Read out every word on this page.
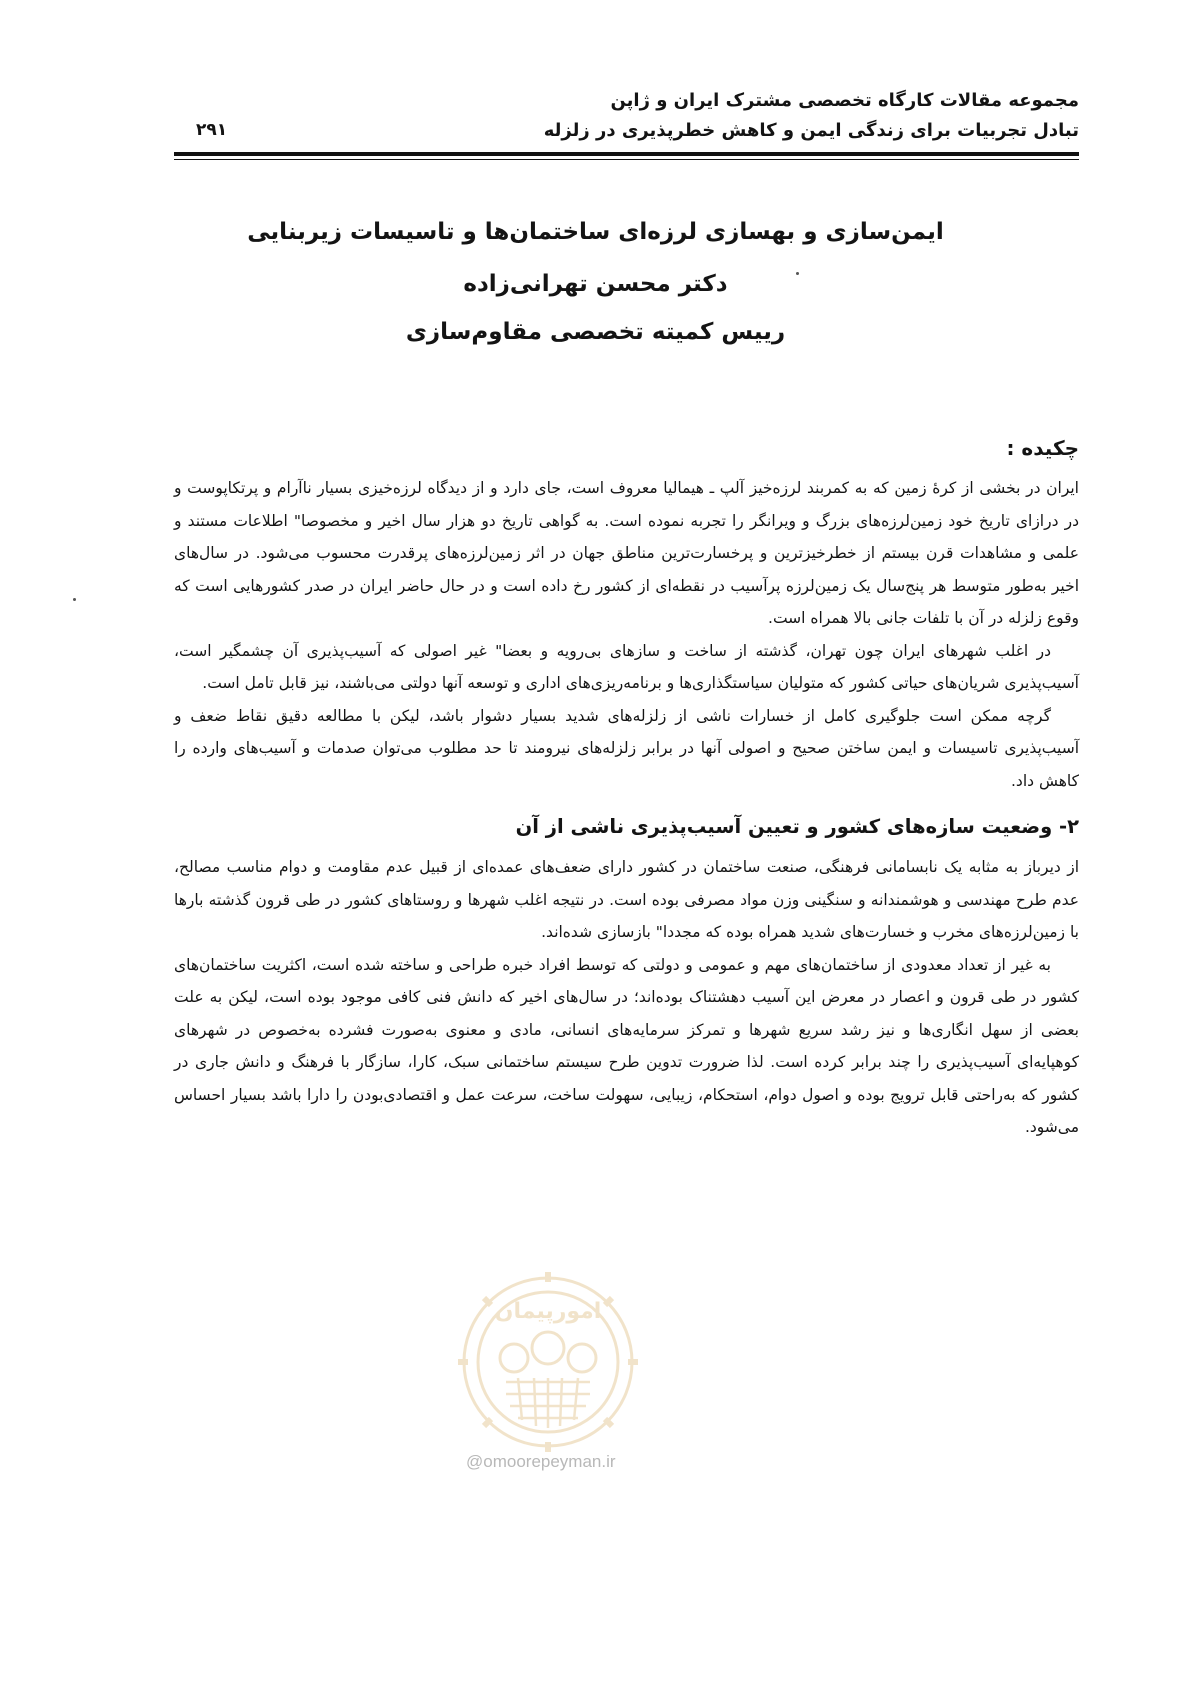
مجموعه مقالات کارگاه تخصصی مشترک ایران و ژاپن
تبادل تجربیات برای زندگی ایمن و کاهش خطرپذیری در زلزله
۲۹۱
ایمن‌سازی و بهسازی لرزه‌ای ساختمان‌ها و تاسیسات زیربنایی
دکتر محسن تهرانی‌زاده
رییس کمیته تخصصی مقاوم‌سازی
چکیده :

ایران در بخشی از کرهٔ زمین که به کمربند لرزه‌خیز آلپ ـ هیمالیا معروف است، جای دارد و از دیدگاه لرزه‌خیزی بسیار ناآرام و پرتکاپوست و در درازای تاریخ خود زمین‌لرزه‌های بزرگ و ویرانگر را تجربه نموده است. به گواهی تاریخ دو هزار سال اخیر و مخصوصا" اطلاعات مستند و علمی و مشاهدات قرن بیستم از خطرخیزترین و پرخسارت‌ترین مناطق جهان در اثر زمین‌لرزه‌های پرقدرت محسوب می‌شود. در سال‌های اخیر به‌طور متوسط هر پنج‌سال یک زمین‌لرزه پرآسیب در نقطه‌ای از کشور رخ داده است و در حال حاضر ایران در صدر کشورهایی است که وقوع زلزله در آن با تلفات جانی بالا همراه است.

در اغلب شهرهای ایران چون تهران، گذشته از ساخت و سازهای بی‌رویه و بعضا" غیر اصولی که آسیب‌پذیری آن چشمگیر است، آسیب‌پذیری شریان‌های حیاتی کشور که متولیان سیاستگذاری‌ها و برنامه‌ریزی‌های اداری و توسعه آنها دولتی می‌باشند، نیز قابل تامل است.

گرچه ممکن است جلوگیری کامل از خسارات ناشی از زلزله‌های شدید بسیار دشوار باشد، لیکن با مطالعه دقیق نقاط ضعف و آسیب‌پذیری تاسیسات و ایمن ساختن صحیح و اصولی آنها در برابر زلزله‌های نیرومند تا حد مطلوب می‌توان صدمات و آسیب‌های وارده را کاهش داد.

۲- وضعیت سازه‌های کشور و تعیین آسیب‌پذیری ناشی از آن

از دیرباز به مثابه یک نابسامانی فرهنگی، صنعت ساختمان در کشور دارای ضعف‌های عمده‌ای از قبیل عدم مقاومت و دوام مناسب مصالح، عدم طرح مهندسی و هوشمندانه و سنگینی وزن مواد مصرفی بوده است. در نتیجه اغلب شهرها و روستاهای کشور در طی قرون گذشته بارها با زمین‌لرزه‌های مخرب و خسارت‌های شدید همراه بوده که مجددا" بازسازی شده‌اند.

به غیر از تعداد معدودی از ساختمان‌های مهم و عمومی و دولتی که توسط افراد خبره طراحی و ساخته شده است، اکثریت ساختمان‌های کشور در طی قرون و اعصار در معرض این آسیب دهشتناک بوده‌اند؛ در سال‌های اخیر که دانش فنی کافی موجود بوده است، لیکن به علت بعضی از سهل انگاری‌ها و نیز رشد سریع شهرها و تمرکز سرمایه‌های انسانی، مادی و معنوی به‌صورت فشرده به‌خصوص در شهرهای کوهپایه‌ای آسیب‌پذیری را چند برابر کرده است. لذا ضرورت تدوین طرح سیستم ساختمانی سبک، کارا، سازگار با فرهنگ و دانش جاری در کشور که به‌راحتی قابل ترویج بوده و اصول دوام، استحکام، زیبایی، سهولت ساخت، سرعت عمل و اقتصادی‌بودن را دارا باشد بسیار احساس می‌شود.

امورپیمان
@omoorepeyman.ir
